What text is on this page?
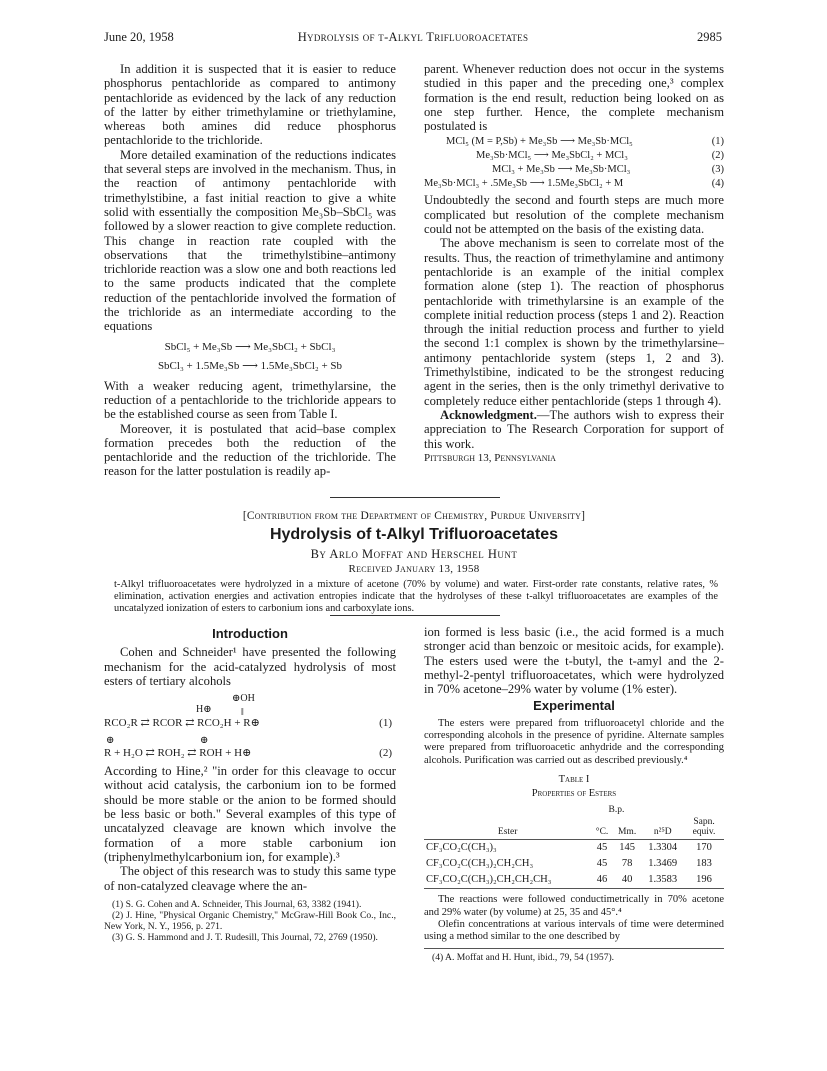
June 20, 1958	Hydrolysis of t-Alkyl Trifluoroacetates	2985

In addition it is suspected that it is easier to reduce phosphorus pentachloride as compared to antimony pentachloride as evidenced by the lack of any reduction of the latter by either trimethylamine or triethylamine, whereas both amines did reduce phosphorus pentachloride to the trichloride.

More detailed examination of the reductions indicates that several steps are involved in the mechanism. Thus, in the reaction of antimony pentachloride with trimethylstibine, a fast initial reaction to give a white solid with essentially the composition Me₃Sb–SbCl₅ was followed by a slower reaction to give complete reduction. This change in reaction rate coupled with the observations that the trimethylstibine–antimony trichloride reaction was a slow one and both reactions led to the same products indicated that the complete reduction of the pentachloride involved the formation of the trichloride as an intermediate according to the equations

SbCl₅ + Me₃Sb ⟶ Me₃SbCl₂ + SbCl₃
SbCl₃ + 1.5Me₃Sb ⟶ 1.5Me₃SbCl₂ + Sb

With a weaker reducing agent, trimethylarsine, the reduction of a pentachloride to the trichloride appears to be the established course as seen from Table I.

Moreover, it is postulated that acid–base complex formation precedes both the reduction of the pentachloride and the reduction of the trichloride. The reason for the latter postulation is readily ap-

parent. Whenever reduction does not occur in the systems studied in this paper and the preceding one,³ complex formation is the end result, reduction being looked on as one step further. Hence, the complete mechanism postulated is

MCl₅ (M = P,Sb) + Me₃Sb ⟶ Me₃Sb·MCl₅	(1)
Me₃Sb·MCl₅ ⟶ Me₃SbCl₂ + MCl₃	(2)
MCl₃ + Me₃Sb ⟶ Me₃Sb·MCl₃	(3)
Me₃Sb·MCl₃ + .5Me₃Sb ⟶ 1.5Me₃SbCl₂ + M	(4)

Undoubtedly the second and fourth steps are much more complicated but resolution of the complete mechanism could not be attempted on the basis of the existing data.

The above mechanism is seen to correlate most of the results. Thus, the reaction of trimethylamine and antimony pentachloride is an example of the initial complex formation alone (step 1). The reaction of phosphorus pentachloride with trimethylarsine is an example of the complete initial reduction process (steps 1 and 2). Reaction through the initial reduction process and further to yield the second 1:1 complex is shown by the trimethylarsine–antimony pentachloride system (steps 1, 2 and 3). Trimethylstibine, indicated to be the strongest reducing agent in the series, then is the only trimethyl derivative to completely reduce either pentachloride (steps 1 through 4).

Acknowledgment.—The authors wish to express their appreciation to The Research Corporation for support of this work.

Pittsburgh 13, Pennsylvania

[Contribution from the Department of Chemistry, Purdue University]
Hydrolysis of t-Alkyl Trifluoroacetates
By Arlo Moffat and Herschel Hunt
Received January 13, 1958
t-Alkyl trifluoroacetates were hydrolyzed in a mixture of acetone (70% by volume) and water. First-order rate constants, relative rates, % elimination, activation energies and activation entropies indicate that the hydrolyses of these t-alkyl trifluoroacetates are examples of the uncatalyzed ionization of esters to carbonium ions and carboxylate ions.
Introduction

Cohen and Schneider¹ have presented the following mechanism for the acid-catalyzed hydrolysis of most esters of tertiary alcohols

⊕OH
H⊕	‖
RCO₂R ⇄ RCOR ⇄ RCO₂H + R⊕	(1)
⊕	⊕
R + H₂O ⇄ ROH₂ ⇄ ROH + H⊕	(2)

According to Hine,² "in order for this cleavage to occur without acid catalysis, the carbonium ion to be formed should be more stable or the anion to be formed should be less basic or both." Several examples of this type of uncatalyzed cleavage are known which involve the formation of a more stable carbonium ion (triphenylmethylcarbonium ion, for example).³

The object of this research was to study this same type of non-catalyzed cleavage where the an-

(1) S. G. Cohen and A. Schneider, This Journal, 63, 3382 (1941).

(2) J. Hine, "Physical Organic Chemistry," McGraw-Hill Book Co., Inc., New York, N. Y., 1956, p. 271.

(3) G. S. Hammond and J. T. Rudesill, This Journal, 72, 2769 (1950).

ion formed is less basic (i.e., the acid formed is a much stronger acid than benzoic or mesitoic acids, for example). The esters used were the t-butyl, the t-amyl and the 2-methyl-2-pentyl trifluoroacetates, which were hydrolyzed in 70% acetone–29% water by volume (1% ester).

Experimental

The esters were prepared from trifluoroacetyl chloride and the corresponding alcohols in the presence of pyridine. Alternate samples were prepared from trifluoroacetic anhydride and the corresponding alcohols. Purification was carried out as described previously.⁴

Table I
Properties of Esters
	B.p.			
Ester	°C.	Mm.	n²⁵D	Sapn. equiv.
CF₃CO₂C(CH₃)₃	45	145	1.3304	170
CF₃CO₂C(CH₃)₂CH₂CH₃	45	78	1.3469	183
CF₃CO₂C(CH₃)₂CH₂CH₂CH₃	46	40	1.3583	196

The reactions were followed conductimetrically in 70% acetone and 29% water (by volume) at 25, 35 and 45°.⁴

Olefin concentrations at various intervals of time were determined using a method similar to the one described by

(4) A. Moffat and H. Hunt, ibid., 79, 54 (1957).
